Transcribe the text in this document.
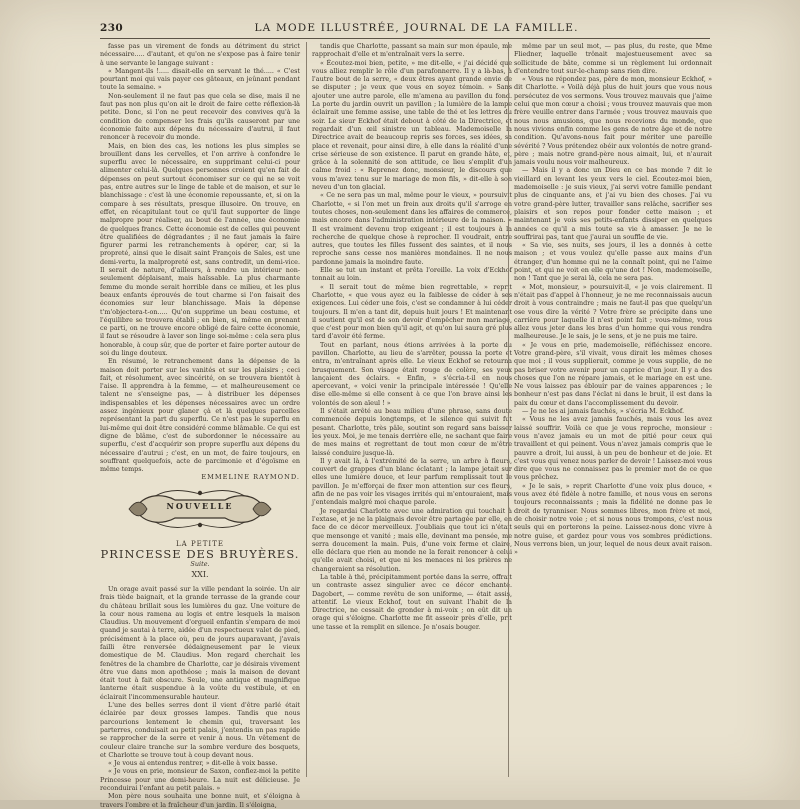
230	LA MODE ILLUSTRÉE, JOURNAL DE LA FAMILLE.

fasse pas un virement de fonds au détriment du strict nécessaire..... d'autant, et qu'on ne s'expose pas à faire tenir à une servante le langage suivant :

« Mangent-ils !..... disait-elle en servant le thé..... « C'est pourtant moi qui vais payer ces gâteaux, en jeûnant pendant toute la semaine. »

Non-seulement il ne faut pas que cela se dise, mais il ne faut pas non plus qu'on ait le droit de faire cette réflexion-là petite. Donc, si l'on ne peut recevoir des convives qu'à la condition de compenser les frais qu'ils causeront par une économie faite aux dépens du nécessaire d'autrui, il faut renoncer à recevoir du monde.

Mais, en bien des cas, les notions les plus simples se brouillent dans les cervelles, et l'on arrive à confondre le superflu avec le nécessaire, en supprimant celui-ci pour alimenter celui-là. Quelques personnes croient qu'en fait de dépenses on peut surtout économiser sur ce qui ne se voit pas, entre autres sur le linge de table et de maison, et sur le blanchissage : c'est là une économie repoussante, et, si on la compare à ses résultats, presque illusoire. On trouve, en effet, en récapitulant tout ce qu'il faut supporter de linge malpropre pour réaliser, au bout de l'année, une économie de quelques francs. Cette économie est de celles qui peuvent être qualifiées de dégradantes ; il ne faut jamais la faire figurer parmi les retranchements à opérer, car, si la propreté, ainsi que le disait saint François de Sales, est une demi-vertu, la malpropreté est, sans contredit, un demi-vice. Il serait de nature, d'ailleurs, à rendre un intérieur non-seulement déplaisant, mais haïssable. La plus charmante femme du monde serait horrible dans ce milieu, et les plus beaux enfants éprouvés de tout charme si l'on faisait des économies sur leur blanchissage. Mais la dépense t'm'objectera-t-on..... Qu'on supprime un beau costume, et l'équilibre se trouvera établi ; en bien, si, même en prenant ce parti, on ne trouve encore obligé de faire cette économie, il faut se résoudre à laver son linge soi-même : cela sera plus honorable, à coup sûr, que de porter et faire porter autour de soi du linge douteux.

En résumé, le retranchement dans la dépense de la maison doit porter sur les vanités et sur les plaisirs ; ceci fait, et résolument, avec sincérité, on se trouvera bientôt à l'aise. Il apprendra à la femme, — et malheureusement ce talent ne s'enseigne pas, — à distribuer les dépenses indispensables et les dépenses nécessaires avec un ordre assez ingénieux pour glaner çà et là quelques parcelles représentant la part du superflu. Ce n'est pas le superflu en lui-même qui doit être considéré comme blâmable. Ce qui est digne de blâme, c'est de subordonner le nécessaire au superflu, c'est d'acquérir son propre superflu aux dépens du nécessaire d'autrui ; c'est, en un mot, de faire toujours, en souffrant quelquefois, acte de parcimonie et d'égoïsme en même temps.

EMMELINE RAYMOND.

NOUVELLE
LA PETITE
PRINCESSE DES BRUYÈRES.
Suite.
XXI.

Un orage avait passé sur la ville pendant la soirée. Un air frais tiède baignait, et la grande terrasse de la grande cour du château brillait sous les lumières du gaz. Une voiture de la cour nous ramena au logis et entre lesquels la maison Claudius. Un mouvement d'orgueil enfantin s'empara de moi quand je sautai à terre, aidée d'un respectueux valet de pied, précisément à la place où, peu de jours auparavant, j'avais failli être renversée dédaigneusement par le vieux domestique de M. Claudius. Mon regard cherchait les fenêtres de la chambre de Charlotte, car je désirais vivement être vue dans mon apothéose ; mais la maison de devant était tout à fait obscure. Seule, une antique et magnifique lanterne était suspendue à la voûte du vestibule, et en éclairait l'incommensurable hauteur.

L'une des belles serres dont il vient d'être parlé était éclairée par deux grosses lampes. Tandis que nous parcourions lentement le chemin qui, traversant les parterres, conduisait au petit palais, j'entendis un pas rapide se rapprocher de la serre et venir à nous. Un vêtement de couleur claire tranche sur la sombre verdure des bosquets, et Charlotte se trouve tout à coup devant nous.

« Je vous ai entendus rentrer, » dit-elle à voix basse.

« Je vous en prie, monsieur de Saxon, confiez-moi la petite Princesse pour une demi-heure. La nuit est délicieuse. Je reconduirai l'enfant au petit palais. »

Mon père nous souhaita une bonne nuit, et s'éloigna à travers l'ombre et la fraîcheur d'un jardin. Il s'éloigna,

tandis que Charlotte, passant sa main sur mon épaule, me rapprochait d'elle et m'entraînait vers la serre.

« Écoutez-moi bien, petite, » me dit-elle, « j'ai décidé que vous alliez remplir le rôle d'un parafonnerre. Il y a là-bas, à l'autre bout de la serre, « deux êtres ayant grande envie de se disputer ; je veux que vous en soyez témoin. » Sans ajouter une autre parole, elle m'amena au pavillon du fond. La porte du jardin ouvrit un pavillon ; la lumière de la lampe éclairait une femme assise, une table de thé et les lettres du soir. Le sieur Eckhof était debout à côté de la Directrice, et regardait d'un œil sinistre un tableau. Mademoiselle la Directrice avait de beaucoup repris ses forces, ses idées, sa place et revenait, pour ainsi dire, à elle dans la réalité d'une crise sérieuse de son existence. Il parut en grande hâte, et, grâce à la solennité de son attitude, ce lieu s'emplit d'un calme froid : « Reprenez donc, monsieur, le discours que vous m'avez tenu sur le mariage de mon fils, » dit-elle à son neveu d'un ton glacial.

« Ce ne sera pas un mal, même pour le vieux, » poursuivit Charlotte, « si l'on met un frein aux droits qu'il s'arroge en toutes choses, non-seulement dans les affaires de commerce, mais encore dans l'administration intérieure de la maison. » Il est vraiment devenu trop exigeant ; il est toujours à la recherche de quelque chose à reprocher. Il voudrait, entre autres, que toutes les filles fussent des saintes, et il nous reproche sans cesse nos manières mondaines. Il ne nous pardonne jamais la moindre faute.

Elle se tut un instant et prêta l'oreille. La voix d'Eckhof tonnait au loin.

« Il serait tout de même bien regrettable, » reprit Charlotte, « que vous ayez eu la faiblesse de céder à ses exigences. Lui céder une fois, c'est se condamner à lui céder toujours. Il m'en a tant dit, depuis huit jours ! Et maintenant il soutient qu'il est de son devoir d'empêcher mon mariage, que c'est pour mon bien qu'il agit, et qu'on lui saura gré plus tard d'avoir été ferme.

Tout en parlant, nous étions arrivées à la porte du pavillon. Charlotte, au lieu de s'arrêter, poussa la porte et entra, m'entraînant après elle. Le vieux Eckhof se retourna brusquement. Son visage était rouge de colère, ses yeux lançaient des éclairs. « Enfin, » s'écria-t-il en nous apercevant, « voici venir la principale intéressée ! Qu'elle dise elle-même si elle consent à ce que l'on brave ainsi les volontés de son aïeul ! »

Il s'était arrêté au beau milieu d'une phrase, sans doute commencée depuis longtemps, et le silence qui suivit fut pesant. Charlotte, très pâle, soutint son regard sans baisser les yeux. Moi, je me tenais derrière elle, ne sachant que faire de mes mains et regrettant de tout mon cœur de m'être laissé conduire jusque-là.

Il y avait là, à l'extrémité de la serre, un arbre à fleurs, couvert de grappes d'un blanc éclatant ; la lampe jetait sur elles une lumière douce, et leur parfum remplissait tout le pavillon. Je m'efforçai de fixer mon attention sur ces fleurs, afin de ne pas voir les visages irrités qui m'entouraient, mais j'entendais malgré moi chaque parole.

Je regardai Charlotte avec une admiration qui touchait à l'extase, et je ne la plaignais devoir être partagée par elle, en face de ce décor merveilleux. J'oubliais que tout ici n'était que mensonge et vanité ; mais elle, devinant ma pensée, me serra doucement la main. Puis, d'une voix ferme et claire, elle déclara que rien au monde ne la ferait renoncer à celui qu'elle avait choisi, et que ni les menaces ni les prières ne changeraient sa résolution.

La table à thé, précipitamment portée dans la serre, offrait un contraste assez singulier avec ce décor enchanté. Dagobert, — comme revêtu de son uniforme, — était assis, attentif. Le vieux Eckhof, tout en suivant l'habit de la Directrice, ne cessait de gronder à mi-voix ; on eût dit un orage qui s'éloigne. Charlotte me fit asseoir près d'elle, prit une tasse et la remplit en silence. Je n'osais bouger.

même par un seul mot, — pas plus, du reste, que Mme Fliedner, laquelle trônait majestueusement avec sa sollicitude de bâte, comme si un règlement lui ordonnait d'entendre tout sur-le-champ sans rien dire.

« Vous ne répondez pas, père de mon, monsieur Eckhof, » dit Charlotte. « Voilà déjà plus de huit jours que vous nous persécutez de vos sermons. Vous trouvez mauvais que j'aime celui que mon cœur a choisi ; vous trouvez mauvais que mon frère veuille entrer dans l'armée ; vous trouvez mauvais que nous nous amusions, que nous recevions du monde, que nous vivions enfin comme les gens de notre âge et de notre condition. Qu'avons-nous fait pour mériter une pareille sévérité ? Vous prétendez obéir aux volontés de notre grand-père ; mais notre grand-père nous aimait, lui, et n'aurait jamais voulu nous voir malheureux.

— Mais il y a donc un Dieu en ce bas monde ? dit le vieillard en levant les yeux vers le ciel. Écoutez-moi bien, mademoiselle : je suis vieux, j'ai servi votre famille pendant plus de cinquante ans, et j'ai vu bien des choses. J'ai vu votre grand-père lutter, travailler sans relâche, sacrifier ses plaisirs et son repos pour fonder cette maison ; et maintenant je vois ses petits-enfants dissiper en quelques années ce qu'il a mis toute sa vie à amasser. Je ne le souffrirai pas, tant que j'aurai un souffle de vie.

« Sa vie, ses nuits, ses jours, il les a donnés à cette maison ; et vous voulez qu'elle passe aux mains d'un étranger, d'un homme qui ne la connaît point, qui ne l'aime point, et qui ne voit en elle qu'une dot ! Non, mademoiselle, non ! Tant que je serai là, cela ne sera pas.

« Mot, monsieur, » poursuivit-il, « je vois clairement. Il n'était pas d'appel à l'honneur, je ne me reconnaissais aucun droit à vous contraindre ; mais ne faut-il pas que quelqu'un ose vous dire la vérité ? Votre frère se précipite dans une carrière pour laquelle il n'est point fait ; vous-même, vous allez vous jeter dans les bras d'un homme qui vous rendra malheureuse. Je le sais, je le sens, et je ne puis me taire.

« Je vous en prie, mademoiselle, réfléchissez encore. Votre grand-père, s'il vivait, vous dirait les mêmes choses que moi ; il vous supplierait, comme je vous supplie, de ne pas briser votre avenir pour un caprice d'un jour. Il y a des choses que l'on ne répare jamais, et le mariage en est une. Ne vous laissez pas éblouir par de vaines apparences ; le bonheur n'est pas dans l'éclat ni dans le bruit, il est dans la paix du cœur et dans l'accomplissement du devoir.

— Je ne les ai jamais fauchés, » s'écria M. Eckhof.

« Vous ne les avez jamais fauchés, mais vous les avez laissé souffrir. Voilà ce que je vous reproche, monsieur : vous n'avez jamais eu un mot de pitié pour ceux qui travaillent et qui peinent. Vous n'avez jamais compris que le pauvre a droit, lui aussi, à un peu de bonheur et de joie. Et c'est vous qui venez nous parler de devoir ! Laissez-moi vous dire que vous ne connaissez pas le premier mot de ce que vous prêchez.

« Je le sais, » reprit Charlotte d'une voix plus douce, « vous avez été fidèle à notre famille, et nous vous en serons toujours reconnaissants ; mais la fidélité ne donne pas le droit de tyranniser. Nous sommes libres, mon frère et moi, de choisir notre voie ; et si nous nous trompons, c'est nous seuls qui en porterons la peine. Laissez-nous donc vivre à notre guise, et gardez pour vous vos sombres prédictions. Nous verrons bien, un jour, lequel de nous deux avait raison. »
